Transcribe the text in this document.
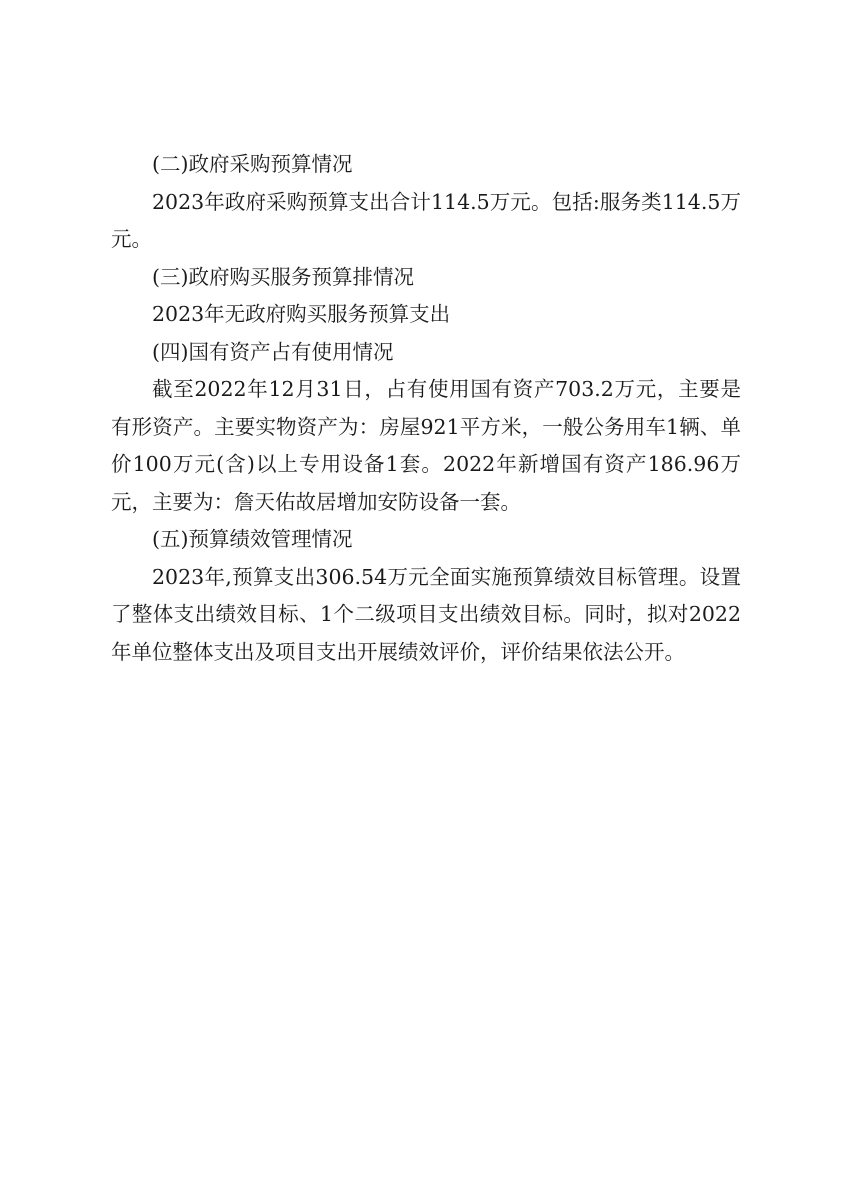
(二)政府采购预算情况

2023年政府采购预算支出合计114.5万元。包括:服务类114.5万元。

(三)政府购买服务预算排情况

2023年无政府购买服务预算支出

(四)国有资产占有使用情况

截至2022年12月31日，占有使用国有资产703.2万元，主要是有形资产。主要实物资产为：房屋921平方米，一般公务用车1辆、单价100万元(含)以上专用设备1套。2022年新增国有资产186.96万元，主要为：詹天佑故居增加安防设备一套。

(五)预算绩效管理情况

2023年,预算支出306.54万元全面实施预算绩效目标管理。设置了整体支出绩效目标、1个二级项目支出绩效目标。同时，拟对2022年单位整体支出及项目支出开展绩效评价，评价结果依法公开。
